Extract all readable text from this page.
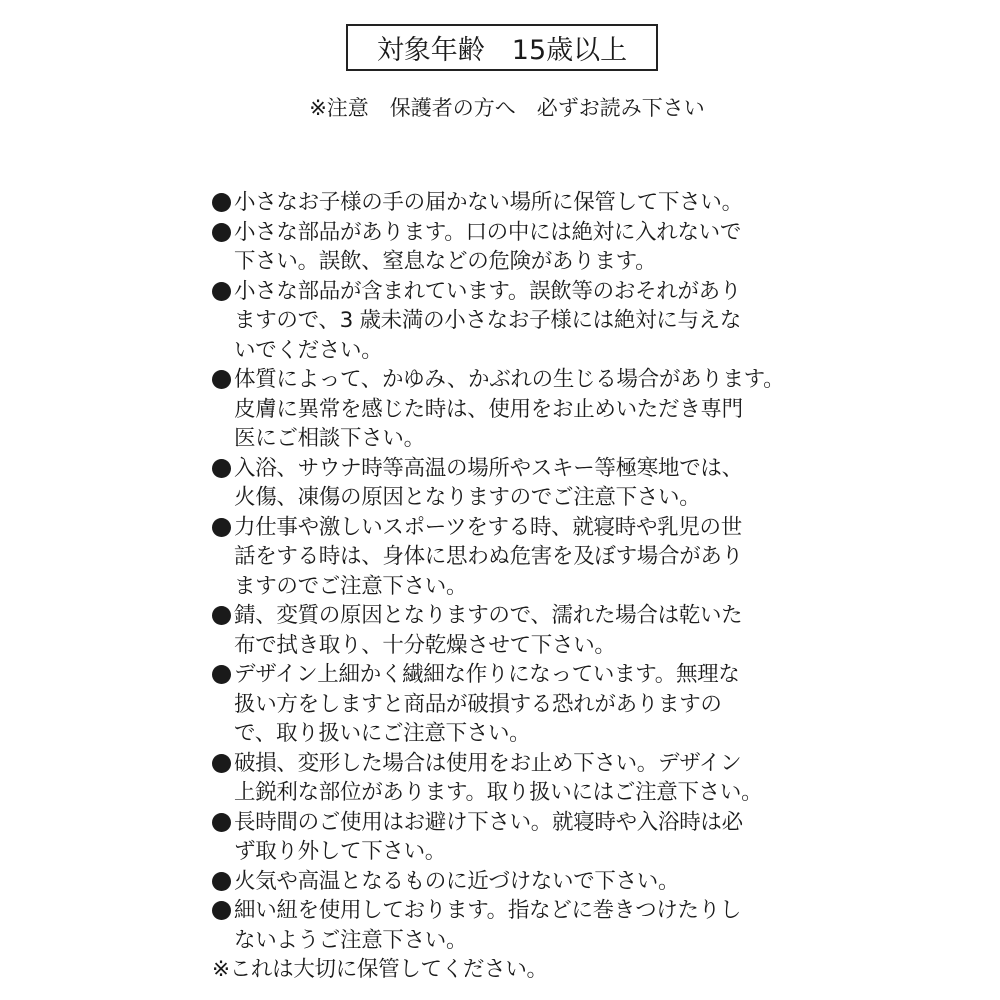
対象年齢　15歳以上
※注意　保護者の方へ　必ずお読み下さい
小さなお子様の手の届かない場所に保管して下さい。
小さな部品があります。口の中には絶対に入れないで
下さい。誤飲、窒息などの危険があります。
小さな部品が含まれています。誤飲等のおそれがあり
ますので、3 歳未満の小さなお子様には絶対に与えな
いでください。
体質によって、かゆみ、かぶれの生じる場合があります。
皮膚に異常を感じた時は、使用をお止めいただき専門
医にご相談下さい。
入浴、サウナ時等高温の場所やスキー等極寒地では、
火傷、凍傷の原因となりますのでご注意下さい。
力仕事や激しいスポーツをする時、就寝時や乳児の世
話をする時は、身体に思わぬ危害を及ぼす場合があり
ますのでご注意下さい。
錆、変質の原因となりますので、濡れた場合は乾いた
布で拭き取り、十分乾燥させて下さい。
デザイン上細かく繊細な作りになっています。無理な
扱い方をしますと商品が破損する恐れがありますの
で、取り扱いにご注意下さい。
破損、変形した場合は使用をお止め下さい。デザイン
上鋭利な部位があります。取り扱いにはご注意下さい。
長時間のご使用はお避け下さい。就寝時や入浴時は必
ず取り外して下さい。
火気や高温となるものに近づけないで下さい。
細い紐を使用しております。指などに巻きつけたりし
ないようご注意下さい。
※これは大切に保管してください。
